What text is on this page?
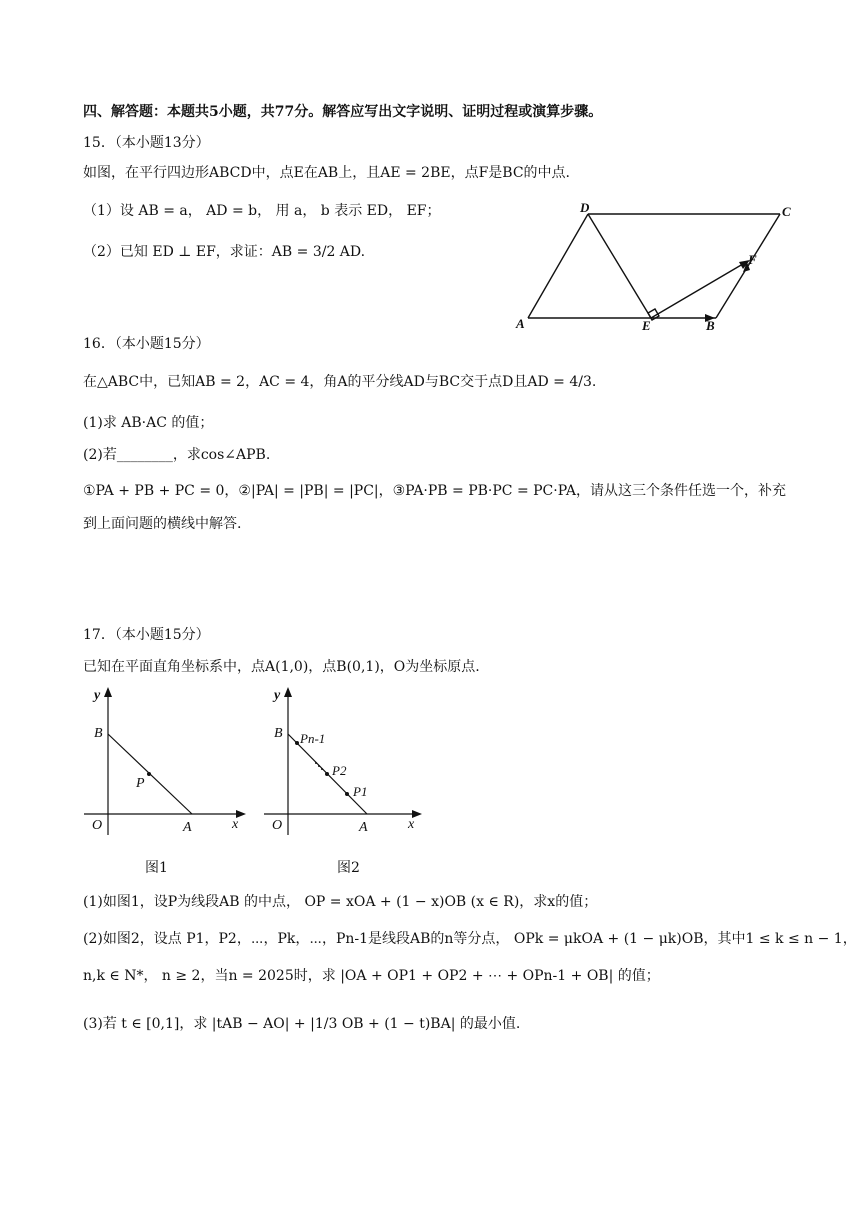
四、解答题：本题共5小题，共77分。解答应写出文字说明、证明过程或演算步骤。
15．（本小题13分）
如图，在平行四边形ABCD中，点E在AB上，且AE = 2BE，点F是BC的中点.
（1）设 AB = a， AD = b， 用 a， b 表示 ED， EF；
（2）已知 ED ⊥ EF，求证：AB = 3/2 AD.
D	C
F
A	E	B
16．（本小题15分）
在△ABC中，已知AB = 2，AC = 4，角A的平分线AD与BC交于点D且AD = 4/3.
(1)求 AB·AC 的值；
(2)若________，求cos∠APB.
①PA + PB + PC = 0，②|PA| = |PB| = |PC|，③PA·PB = PB·PC = PC·PA，请从这三个条件任选一个，补充
到上面问题的横线中解答.
17．（本小题15分）
已知在平面直角坐标系中，点A(1,0)，点B(0,1)，O为坐标原点.
y
B
P
O	A	x
y
B Pn-1
P2
P1
O	A	x
图1	图2
(1)如图1，设P为线段AB 的中点， OP = xOA + (1 − x)OB (x ∈ R)，求x的值；
(2)如图2，设点 P1，P2，⋯，Pk，⋯，Pn-1是线段AB的n等分点， OPk = μkOA + (1 − μk)OB，其中1 ≤ k ≤ n − 1，
n,k ∈ N*， n ≥ 2，当n = 2025时，求 |OA + OP1 + OP2 + ⋯ + OPn-1 + OB| 的值；
(3)若 t ∈ [0,1]，求 |tAB − AO| + |1/3 OB + (1 − t)BA| 的最小值.
